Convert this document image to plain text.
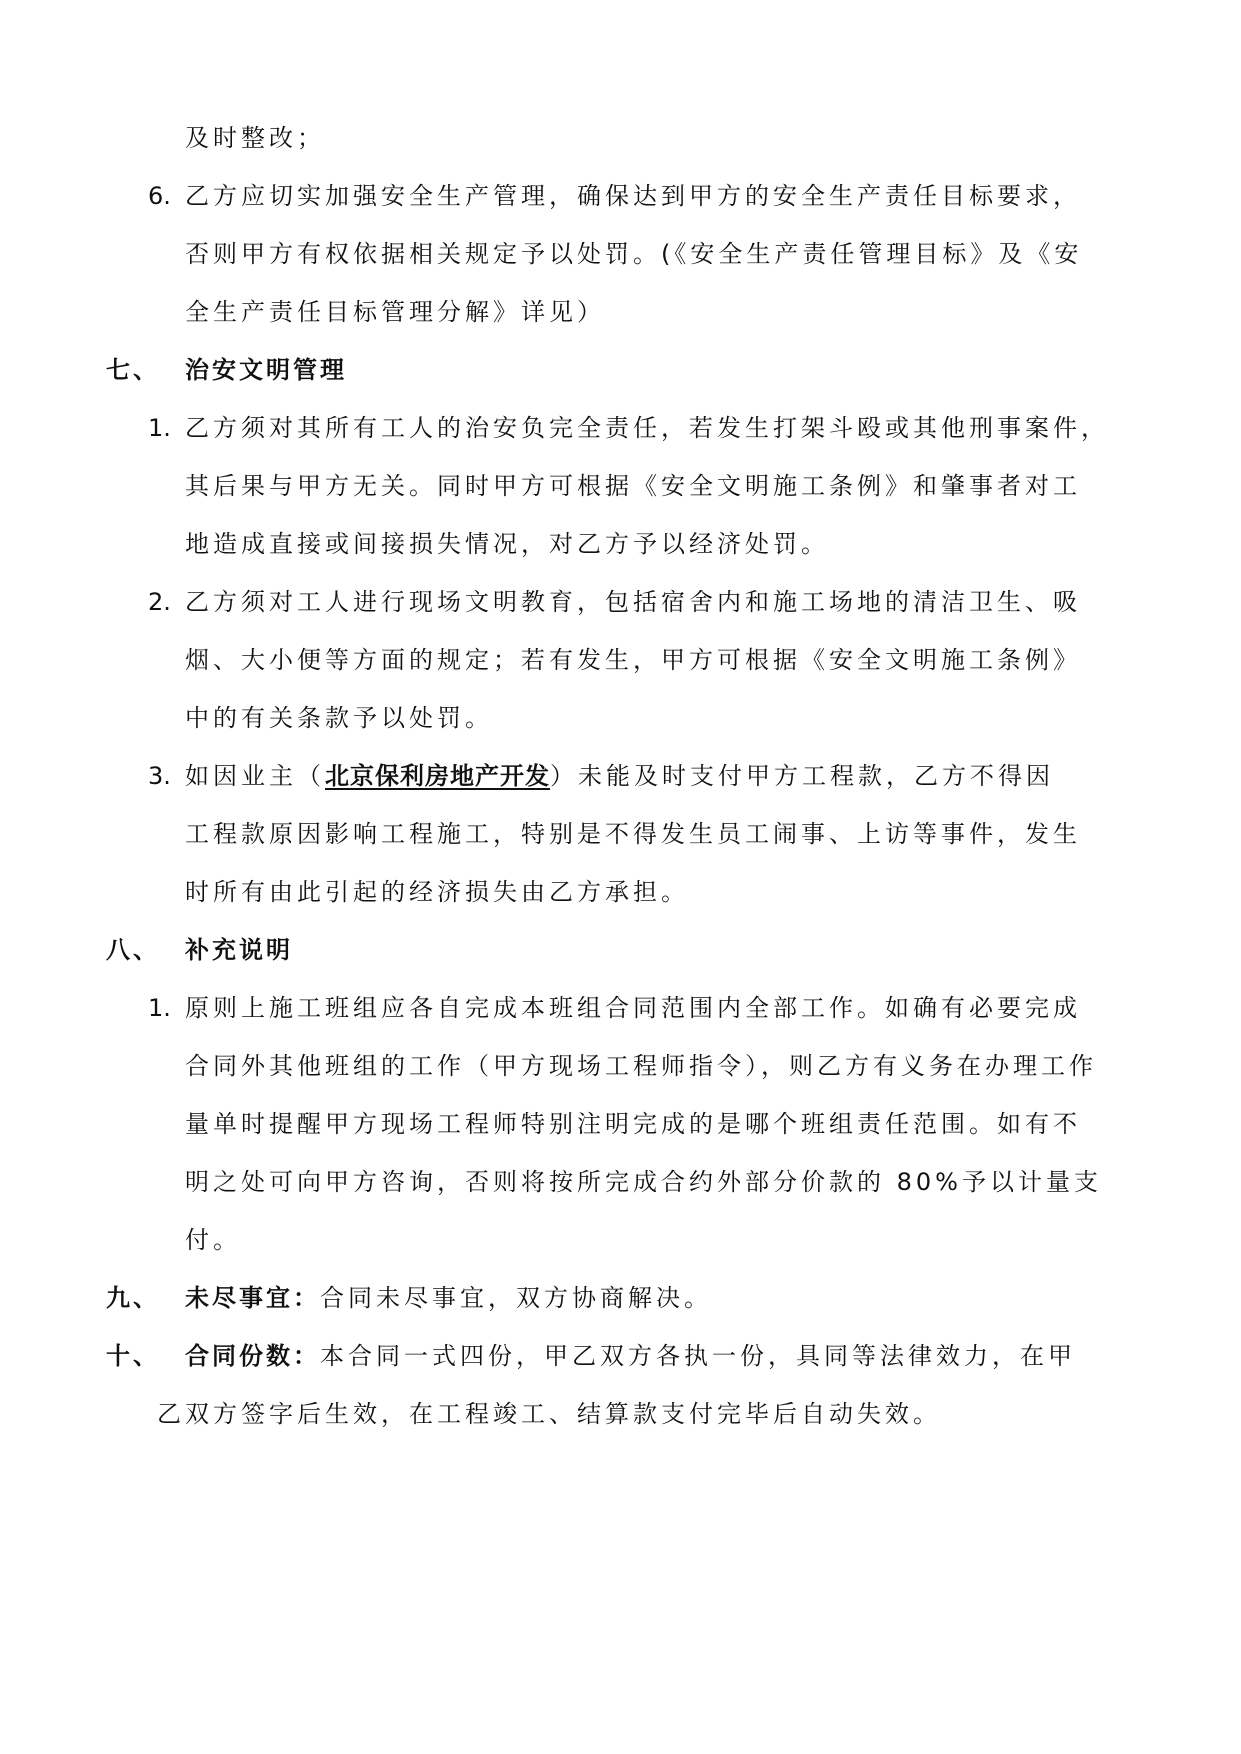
及时整改；
6. 乙方应切实加强安全生产管理，确保达到甲方的安全生产责任目标要求，
否则甲方有权依据相关规定予以处罚。(《安全生产责任管理目标》及《安
全生产责任目标管理分解》详见）
七、 治安文明管理
1. 乙方须对其所有工人的治安负完全责任，若发生打架斗殴或其他刑事案件，
其后果与甲方无关。同时甲方可根据《安全文明施工条例》和肇事者对工
地造成直接或间接损失情况，对乙方予以经济处罚。
2. 乙方须对工人进行现场文明教育，包括宿舍内和施工场地的清洁卫生、吸
烟、大小便等方面的规定；若有发生，甲方可根据《安全文明施工条例》
中的有关条款予以处罚。
3. 如因业主（北京保利房地产开发）未能及时支付甲方工程款，乙方不得因
工程款原因影响工程施工，特别是不得发生员工闹事、上访等事件，发生
时所有由此引起的经济损失由乙方承担。
八、 补充说明
1. 原则上施工班组应各自完成本班组合同范围内全部工作。如确有必要完成
合同外其他班组的工作（甲方现场工程师指令），则乙方有义务在办理工作
量单时提醒甲方现场工程师特别注明完成的是哪个班组责任范围。如有不
明之处可向甲方咨询，否则将按所完成合约外部分价款的 80%予以计量支
付。
九、 未尽事宜：合同未尽事宜，双方协商解决。
十、 合同份数：本合同一式四份，甲乙双方各执一份，具同等法律效力，在甲
乙双方签字后生效，在工程竣工、结算款支付完毕后自动失效。
